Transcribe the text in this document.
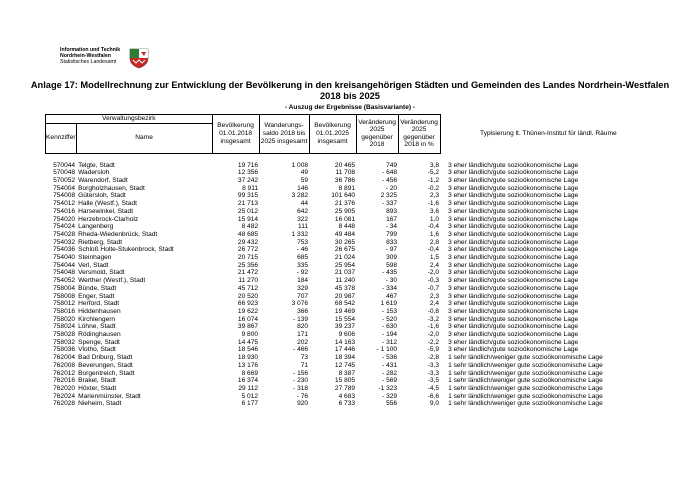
Information und Technik
Nordrhein-Westfalen
Statistisches Landesamt
Anlage 17: Modellrechnung zur Entwicklung der Bevölkerung in den kreisangehörigen Städten und Gemeinden des Landes Nordrhein-Westfalen 2018 bis 2025
- Auszug der Ergebnisse (Basisvariante) -
Verwaltungsbezirk		Bevölkerung 01.01.2018 insgesamt	Wanderungs- saldo 2018 bis 2025 insgesamt	Bevölkerung 01.01.2025 insgesamt	Veränderung 2025 gegenüber 2018	Veränderung 2025 gegenüber 2018 in %	Typisierung lt. Thünen-Institut für ländl. Räume
Kennziffer	Name						

570044	Telgte, Stadt	19 716	1 008	20 465	749	3,8	3 eher ländlich/gute sozioökonomische Lage
570048	Wadersloh	12 356	49	11 708	- 648	-5,2	3 eher ländlich/gute sozioökonomische Lage
570052	Warendorf, Stadt	37 242	59	36 786	- 456	-1,2	3 eher ländlich/gute sozioökonomische Lage
754004	Borgholzhausen, Stadt	8 911	146	8 891	- 20	-0,2	3 eher ländlich/gute sozioökonomische Lage
754008	Gütersloh, Stadt	99 315	3 282	101 640	2 325	2,3	3 eher ländlich/gute sozioökonomische Lage
754012	Halle (Westf.), Stadt	21 713	44	21 376	- 337	-1,6	3 eher ländlich/gute sozioökonomische Lage
754016	Harsewinkel, Stadt	25 012	642	25 905	893	3,6	3 eher ländlich/gute sozioökonomische Lage
754020	Herzebrock-Clarholz	15 914	322	16 081	167	1,0	3 eher ländlich/gute sozioökonomische Lage
754024	Langenberg	8 482	111	8 448	- 34	-0,4	3 eher ländlich/gute sozioökonomische Lage
754028	Rheda-Wiedenbrück, Stadt	48 685	1 332	49 484	799	1,6	3 eher ländlich/gute sozioökonomische Lage
754032	Rietberg, Stadt	29 432	753	30 265	833	2,8	3 eher ländlich/gute sozioökonomische Lage
754036	Schloß Holte-Stukenbrock, Stadt	26 772	- 46	26 675	- 97	-0,4	3 eher ländlich/gute sozioökonomische Lage
754040	Steinhagen	20 715	685	21 024	309	1,5	3 eher ländlich/gute sozioökonomische Lage
754044	Verl, Stadt	25 356	335	25 954	598	2,4	3 eher ländlich/gute sozioökonomische Lage
754048	Versmold, Stadt	21 472	- 92	21 037	- 435	-2,0	3 eher ländlich/gute sozioökonomische Lage
754052	Werther (Westf.), Stadt	11 270	184	11 240	- 30	-0,3	3 eher ländlich/gute sozioökonomische Lage
758004	Bünde, Stadt	45 712	329	45 378	- 334	-0,7	3 eher ländlich/gute sozioökonomische Lage
758008	Enger, Stadt	20 520	707	20 987	467	2,3	3 eher ländlich/gute sozioökonomische Lage
758012	Herford, Stadt	66 923	3 076	68 542	1 619	2,4	3 eher ländlich/gute sozioökonomische Lage
758016	Hiddenhausen	19 622	366	19 469	- 153	-0,8	3 eher ländlich/gute sozioökonomische Lage
758020	Kirchlengern	16 074	- 139	15 554	- 520	-3,2	3 eher ländlich/gute sozioökonomische Lage
758024	Löhne, Stadt	39 867	820	39 237	- 630	-1,6	3 eher ländlich/gute sozioökonomische Lage
758028	Rödinghausen	9 800	171	9 606	- 194	-2,0	3 eher ländlich/gute sozioökonomische Lage
758032	Spenge, Stadt	14 475	202	14 163	- 312	-2,2	3 eher ländlich/gute sozioökonomische Lage
758036	Vlotho, Stadt	18 546	- 466	17 446	- 1 100	-5,9	3 eher ländlich/gute sozioökonomische Lage
762004	Bad Driburg, Stadt	18 930	73	18 394	- 536	-2,8	1 sehr ländlich/weniger gute sozioökonomische Lage
762008	Beverungen, Stadt	13 176	71	12 745	- 431	-3,3	1 sehr ländlich/weniger gute sozioökonomische Lage
762012	Borgentreich, Stadt	8 669	- 156	8 387	- 282	-3,3	1 sehr ländlich/weniger gute sozioökonomische Lage
762016	Brakel, Stadt	16 374	- 230	15 805	- 569	-3,5	1 sehr ländlich/weniger gute sozioökonomische Lage
762020	Höxter, Stadt	29 112	- 318	27 789	-1 323	-4,5	1 sehr ländlich/weniger gute sozioökonomische Lage
762024	Marienmünster, Stadt	5 012	- 76	4 683	- 329	-6,6	1 sehr ländlich/weniger gute sozioökonomische Lage
762028	Nieheim, Stadt	6 177	920	6 733	556	9,0	1 sehr ländlich/weniger gute sozioökonomische Lage
